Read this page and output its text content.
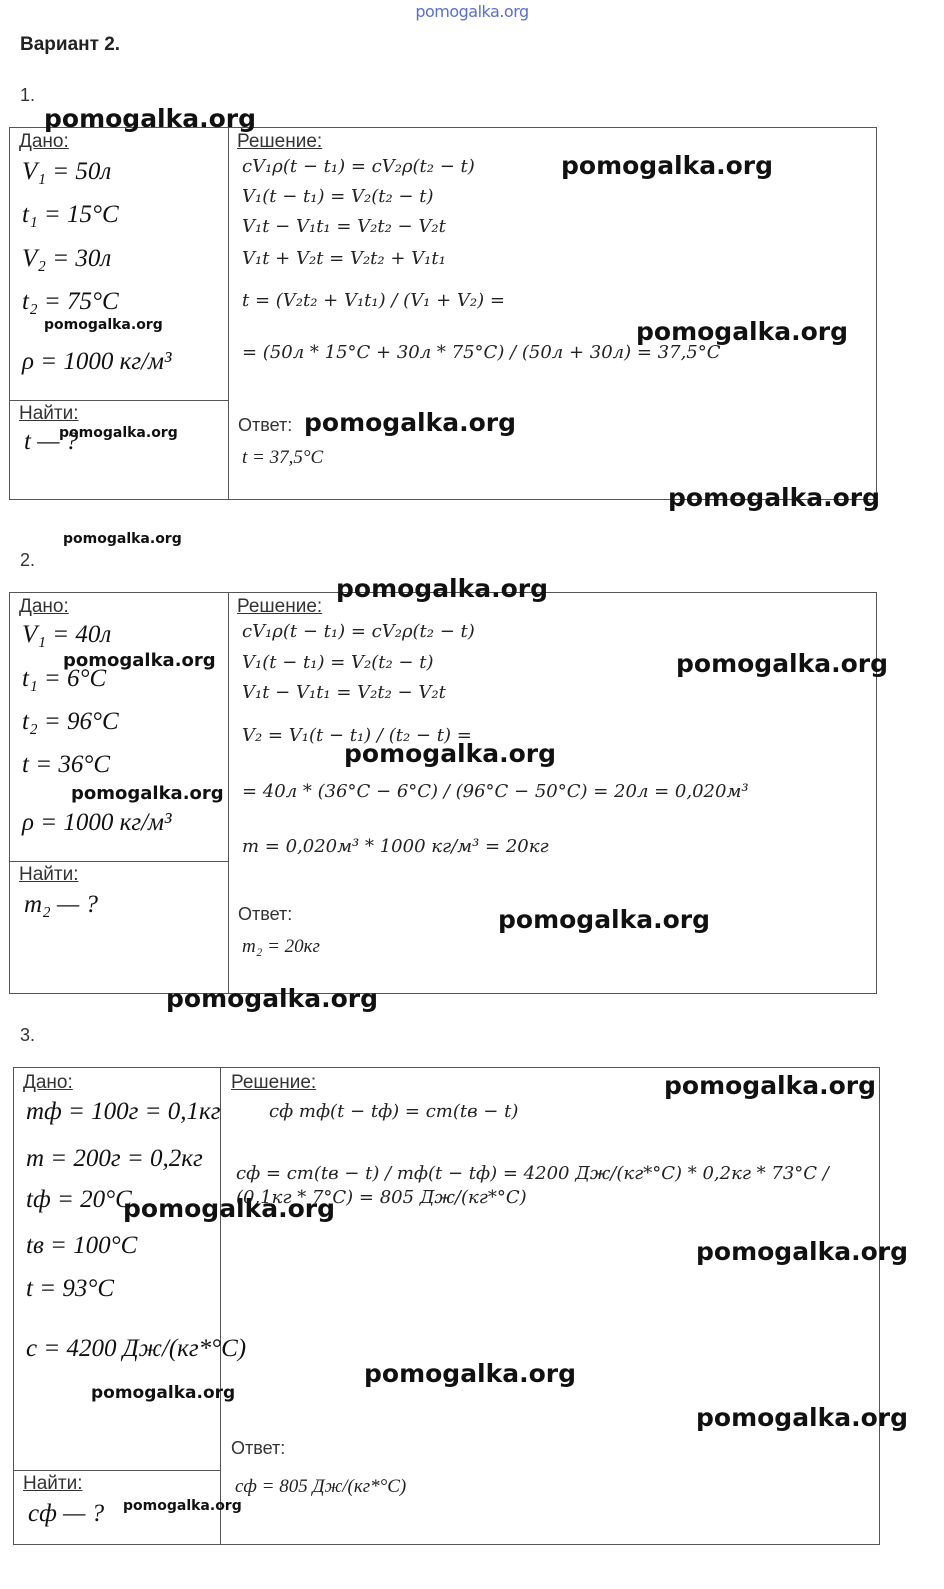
pomogalka.org
Вариант 2.
1.
Дано:
V₁ = 50л
t₁ = 15°C
V₂ = 30л
t₂ = 75°C
ρ = 1000 кг/м³
Найти:
t — ?
Решение:
cV₁ρ(t − t₁) = cV₂ρ(t₂ − t)
V₁(t − t₁) = V₂(t₂ − t)
V₁t − V₁t₁ = V₂t₂ − V₂t
V₁t + V₂t = V₂t₂ + V₁t₁
t = (V₂t₂ + V₁t₁) / (V₁ + V₂) =
= (50л * 15°C + 30л * 75°C) / (50л + 30л) = 37,5°C
Ответ:
t = 37,5°C
2.
Дано:
V₁ = 40л
t₁ = 6°C
t₂ = 96°C
t = 36°C
ρ = 1000 кг/м³
Найти:
m₂ — ?
Решение:
cV₁ρ(t − t₁) = cV₂ρ(t₂ − t)
V₁(t − t₁) = V₂(t₂ − t)
V₁t − V₁t₁ = V₂t₂ − V₂t
V₂ = V₁(t − t₁) / (t₂ − t) =
= 40л * (36°C − 6°C) / (96°C − 50°C) = 20л = 0,020м³
m = 0,020м³ * 1000 кг/м³ = 20кг
Ответ:
m₂ = 20кг
3.
Дано:
mф = 100г = 0,1кг
m = 200г = 0,2кг
tф = 20°C
tв = 100°C
t = 93°C
c = 4200 Дж/(кг*°C)
Найти:
cф — ?
Решение:
cф mф(t − tф) = cm(tв − t)
cф = cm(tв − t) / mф(t − tф) = 4200 Дж/(кг*°C) * 0,2кг * 73°C / (0,1кг * 7°C) = 805 Дж/(кг*°C)
Ответ:
cф = 805 Дж/(кг*°C)
pomogalka.org
pomogalka.org
pomogalka.org	pomogalka.org
pomogalka.org	pomogalka.org
pomogalka.org
pomogalka.org
pomogalka.org
pomogalka.org
pomogalka.org
pomogalka.org
pomogalka.org
pomogalka.org
pomogalka.org
pomogalka.org
pomogalka.org
pomogalka.org
pomogalka.org
pomogalka.org
pomogalka.org
pomogalka.org
